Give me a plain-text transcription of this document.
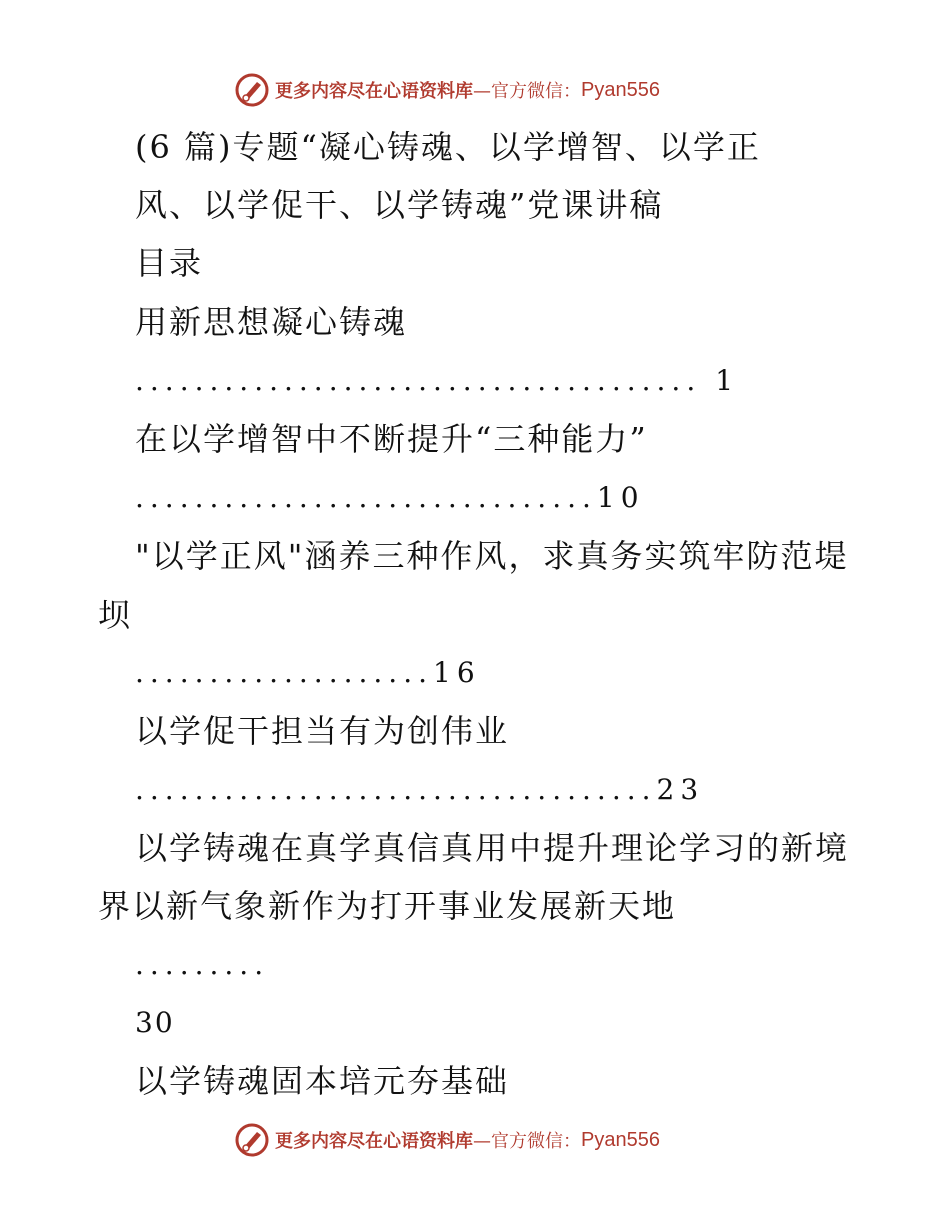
更多内容尽在心语资料库 —官方微信： Pyan556
(6 篇)专题“凝心铸魂、以学增智、以学正
风、以学促干、以学铸魂”党课讲稿
目录
用新思想凝心铸魂
...................................... 1
在以学增智中不断提升“三种能力”
...............................10
"以学正风"涵养三种作风，求真务实筑牢防范堤
坝
....................16
以学促干担当有为创伟业
...................................23
以学铸魂在真学真信真用中提升理论学习的新境
界以新气象新作为打开事业发展新天地
.........
30
以学铸魂固本培元夯基础
更多内容尽在心语资料库 —官方微信： Pyan556
